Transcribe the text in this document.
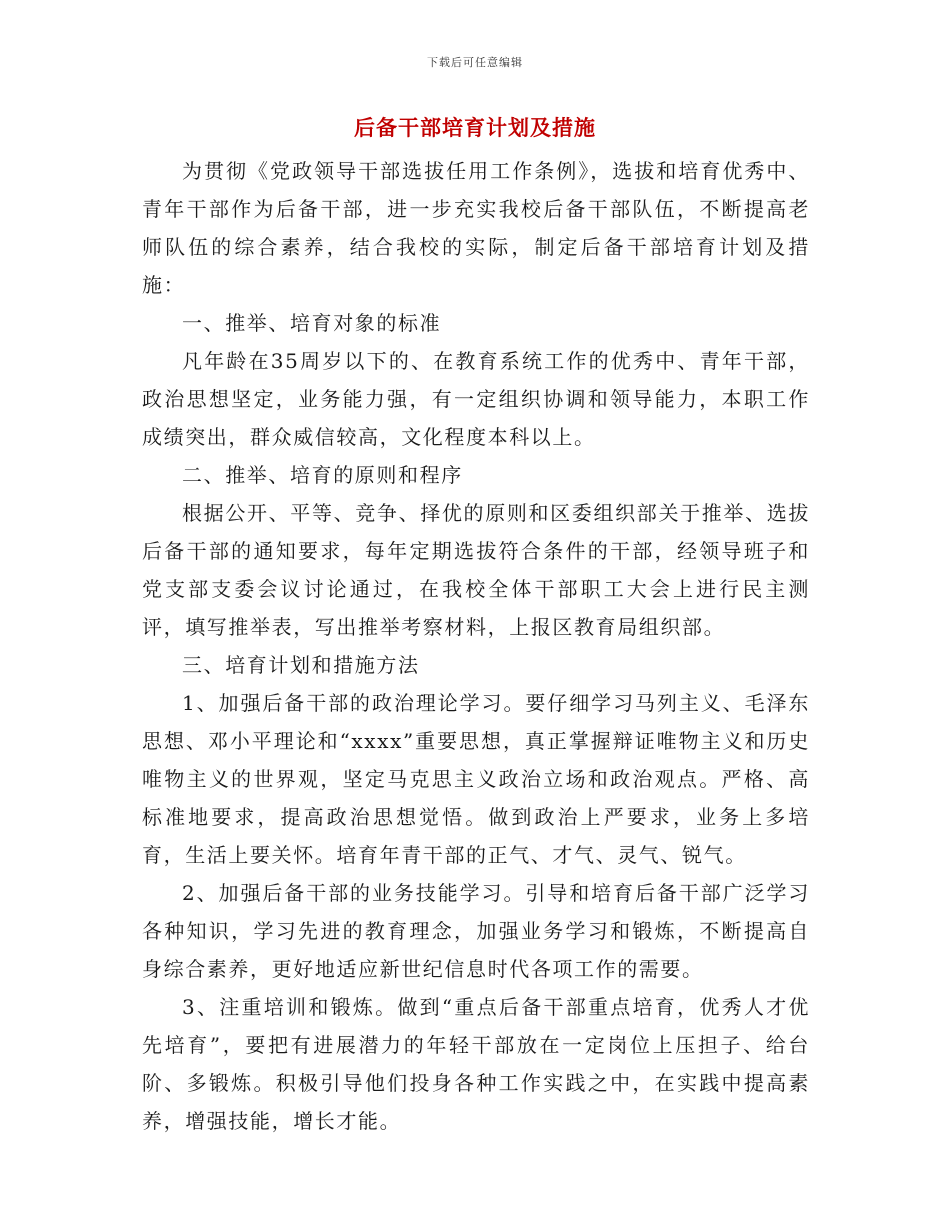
下载后可任意编辑
后备干部培育计划及措施

为贯彻《党政领导干部选拔任用工作条例》，选拔和培育优秀中、青年干部作为后备干部，进一步充实我校后备干部队伍，不断提高老师队伍的综合素养，结合我校的实际，制定后备干部培育计划及措施：

一、推举、培育对象的标准

凡年龄在35周岁以下的、在教育系统工作的优秀中、青年干部，政治思想坚定，业务能力强，有一定组织协调和领导能力，本职工作成绩突出，群众威信较高，文化程度本科以上。

二、推举、培育的原则和程序

根据公开、平等、竞争、择优的原则和区委组织部关于推举、选拔后备干部的通知要求，每年定期选拔符合条件的干部，经领导班子和党支部支委会议讨论通过，在我校全体干部职工大会上进行民主测评，填写推举表，写出推举考察材料，上报区教育局组织部。

三、培育计划和措施方法

1、加强后备干部的政治理论学习。要仔细学习马列主义、毛泽东思想、邓小平理论和“xxxx”重要思想，真正掌握辩证唯物主义和历史唯物主义的世界观，坚定马克思主义政治立场和政治观点。严格、高标准地要求，提高政治思想觉悟。做到政治上严要求，业务上多培育，生活上要关怀。培育年青干部的正气、才气、灵气、锐气。

2、加强后备干部的业务技能学习。引导和培育后备干部广泛学习各种知识，学习先进的教育理念，加强业务学习和锻炼，不断提高自身综合素养，更好地适应新世纪信息时代各项工作的需要。

3、注重培训和锻炼。做到“重点后备干部重点培育，优秀人才优先培育”，要把有进展潜力的年轻干部放在一定岗位上压担子、给台阶、多锻炼。积极引导他们投身各种工作实践之中，在实践中提高素养，增强技能，增长才能。
